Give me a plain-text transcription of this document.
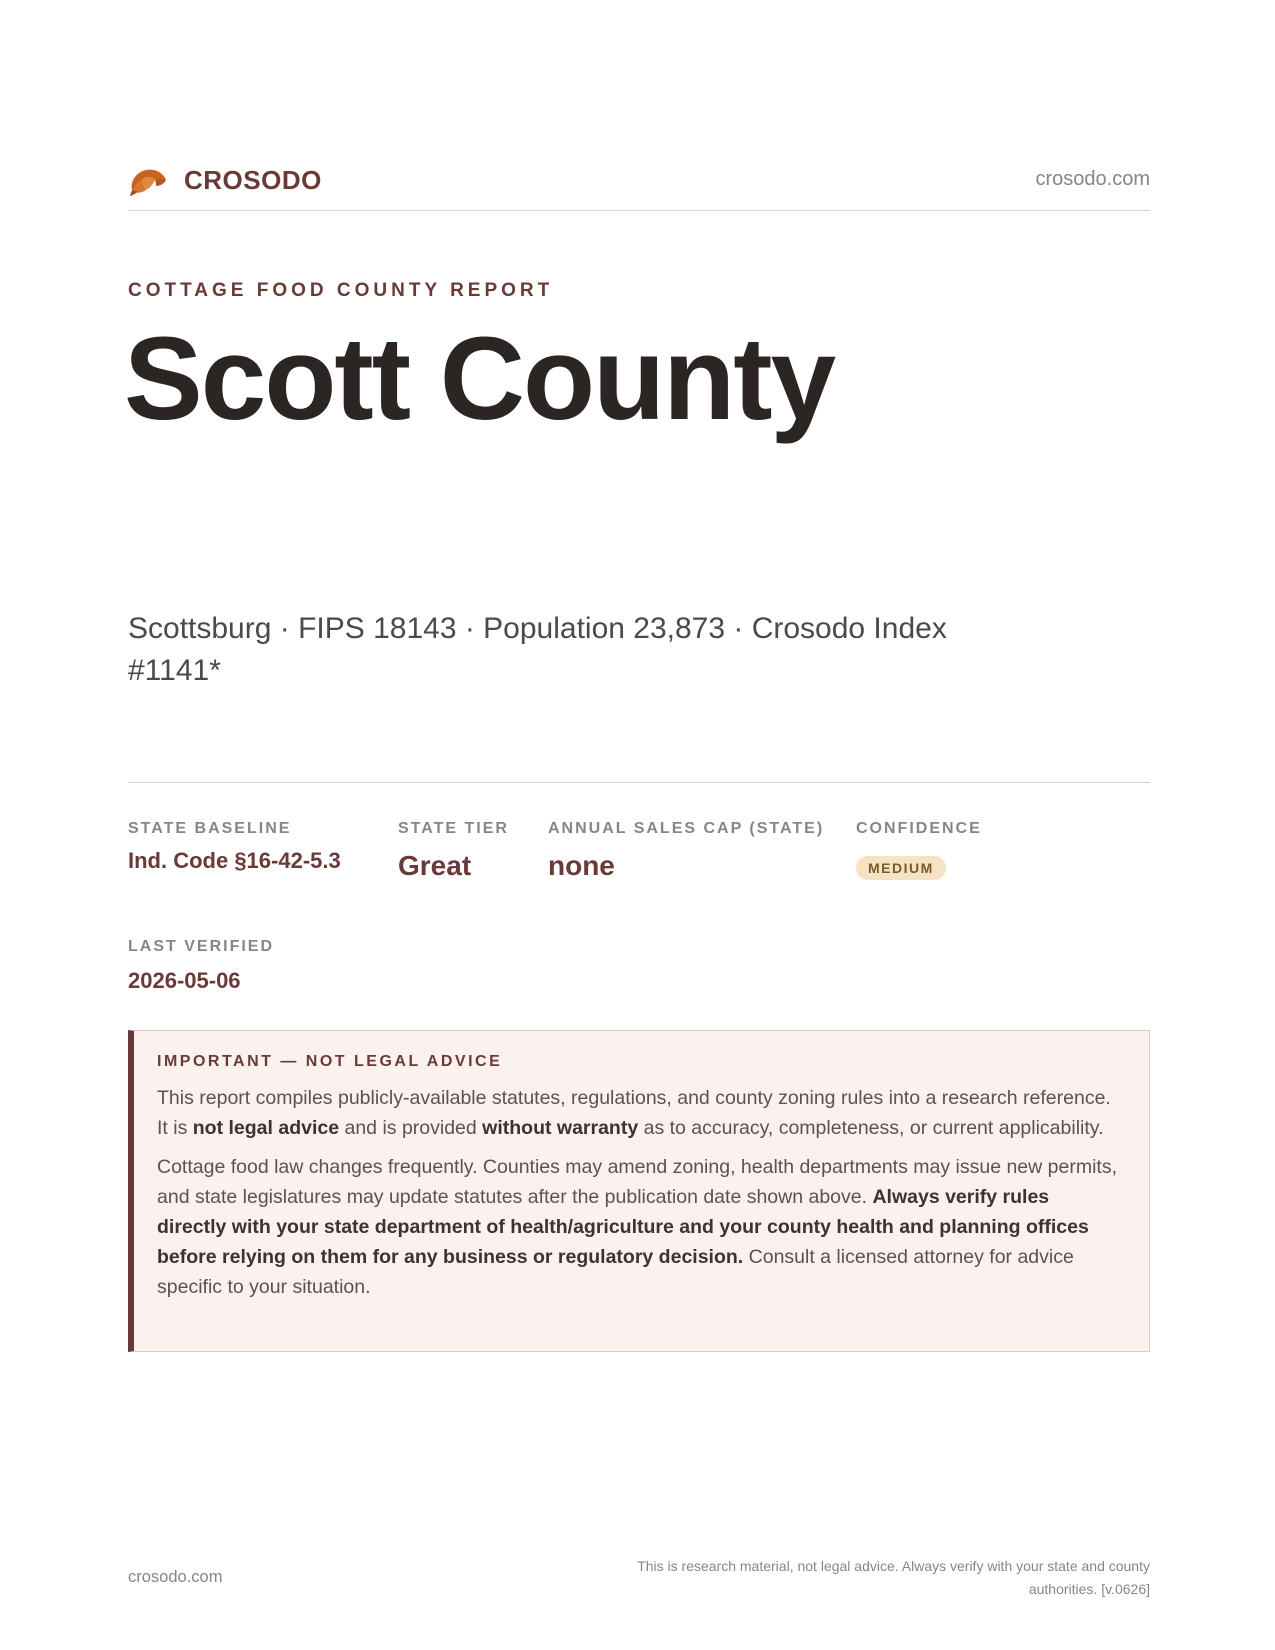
CROSODO	crosodo.com
COTTAGE FOOD COUNTY REPORT
Scott County
Scottsburg · FIPS 18143 · Population 23,873 · Crosodo Index #1141*
STATE BASELINE
Ind. Code §16-42-5.3
STATE TIER
Great
ANNUAL SALES CAP (STATE)
none
CONFIDENCE
MEDIUM
LAST VERIFIED
2026-05-06
IMPORTANT — NOT LEGAL ADVICE

This report compiles publicly-available statutes, regulations, and county zoning rules into a research reference. It is not legal advice and is provided without warranty as to accuracy, completeness, or current applicability.

Cottage food law changes frequently. Counties may amend zoning, health departments may issue new permits, and state legislatures may update statutes after the publication date shown above. Always verify rules directly with your state department of health/agriculture and your county health and planning offices before relying on them for any business or regulatory decision. Consult a licensed attorney for advice specific to your situation.

crosodo.com
This is research material, not legal advice. Always verify with your state and county authorities. [v.0626]
